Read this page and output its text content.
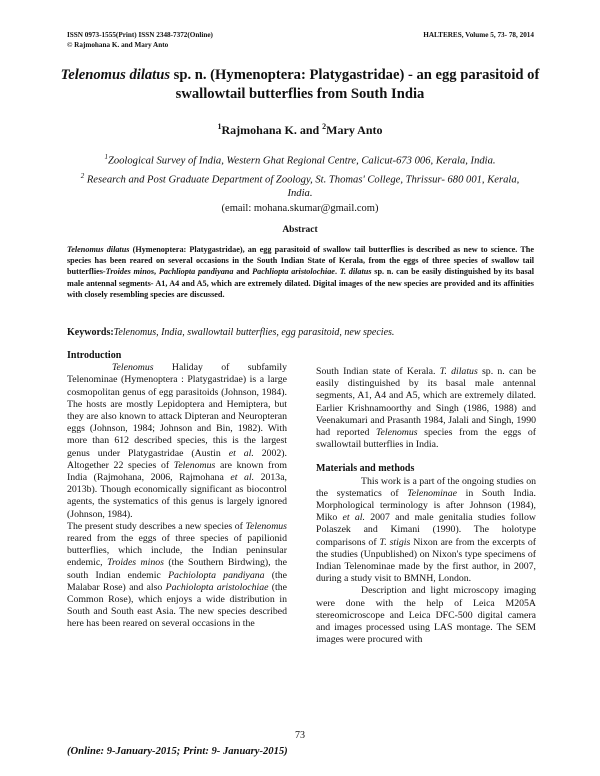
ISSN 0973-1555(Print) ISSN 2348-7372(Online)
© Rajmohana K. and Mary Anto
HALTERES, Volume 5, 73- 78, 2014
Telenomus dilatus sp. n. (Hymenoptera: Platygastridae) - an egg parasitoid of swallowtail butterflies from South India
$^1$Rajmohana K. and $^2$Mary Anto
$^1$Zoological Survey of India, Western Ghat Regional Centre, Calicut-673 006, Kerala, India.
$^2$ Research and Post Graduate Department of Zoology, St. Thomas' College, Thrissur- 680 001, Kerala, India.
(email: mohana.skumar@gmail.com)
Abstract
Telenomus dilatus (Hymenoptera: Platygastridae), an egg parasitoid of swallow tail butterflies is described as new to science. The species has been reared on several occasions in the South Indian State of Kerala, from the eggs of three species of swallow tail butterflies-Troides minos, Pachliopta pandiyana and Pachliopta aristolochiae. T. dilatus sp. n. can be easily distinguished by its basal male antennal segments- A1, A4 and A5, which are extremely dilated. Digital images of the new species are provided and its affinities with closely resembling species are discussed.
Keywords:Telenomus, India, swallowtail butterflies, egg parasitoid, new species.
Introduction

Telenomus Haliday of subfamily Telenominae (Hymenoptera : Platygastridae) is a large cosmopolitan genus of egg parasitoids (Johnson, 1984). The hosts are mostly Lepidoptera and Hemiptera, but they are also known to attack Dipteran and Neuropteran eggs (Johnson, 1984; Johnson and Bin, 1982). With more than 612 described species, this is the largest genus under Platygastridae (Austin et al. 2002). Altogether 22 species of Telenomus are known from India (Rajmohana, 2006, Rajmohana et al. 2013a, 2013b). Though economically significant as biocontrol agents, the systematics of this genus is largely ignored (Johnson, 1984).

The present study describes a new species of Telenomus reared from the eggs of three species of papilionid butterflies, which include, the Indian peninsular endemic, Troides minos (the Southern Birdwing), the south Indian endemic Pachiolopta pandiyana (the Malabar Rose) and also Pachiolopta aristolochiae (the Common Rose), which enjoys a wide distribution in South and South east Asia. The new species described here has been reared on several occasions in the

South Indian state of Kerala. T. dilatus sp. n. can be easily distinguished by its basal male antennal segments, A1, A4 and A5, which are extremely dilated. Earlier Krishnamoorthy and Singh (1986, 1988) and Veenakumari and Prasanth 1984, Jalali and Singh, 1990 had reported Telenomus species from the eggs of swallowtail butterflies in India.

Materials and methods

This work is a part of the ongoing studies on the systematics of Telenominae in South India. Morphological terminology is after Johnson (1984), Miko et al. 2007 and male genitalia studies follow Polaszek and Kimani (1990). The holotype comparisons of T. stigis Nixon are from the excerpts of the studies (Unpublished) on Nixon's type specimens of Indian Telenominae made by the first author, in 2007, during a study visit to BMNH, London.

Description and light microscopy imaging were done with the help of Leica M205A stereomicroscope and Leica DFC-500 digital camera and images processed using LAS montage. The SEM images were procured with

73
(Online: 9-January-2015; Print: 9- January-2015)
